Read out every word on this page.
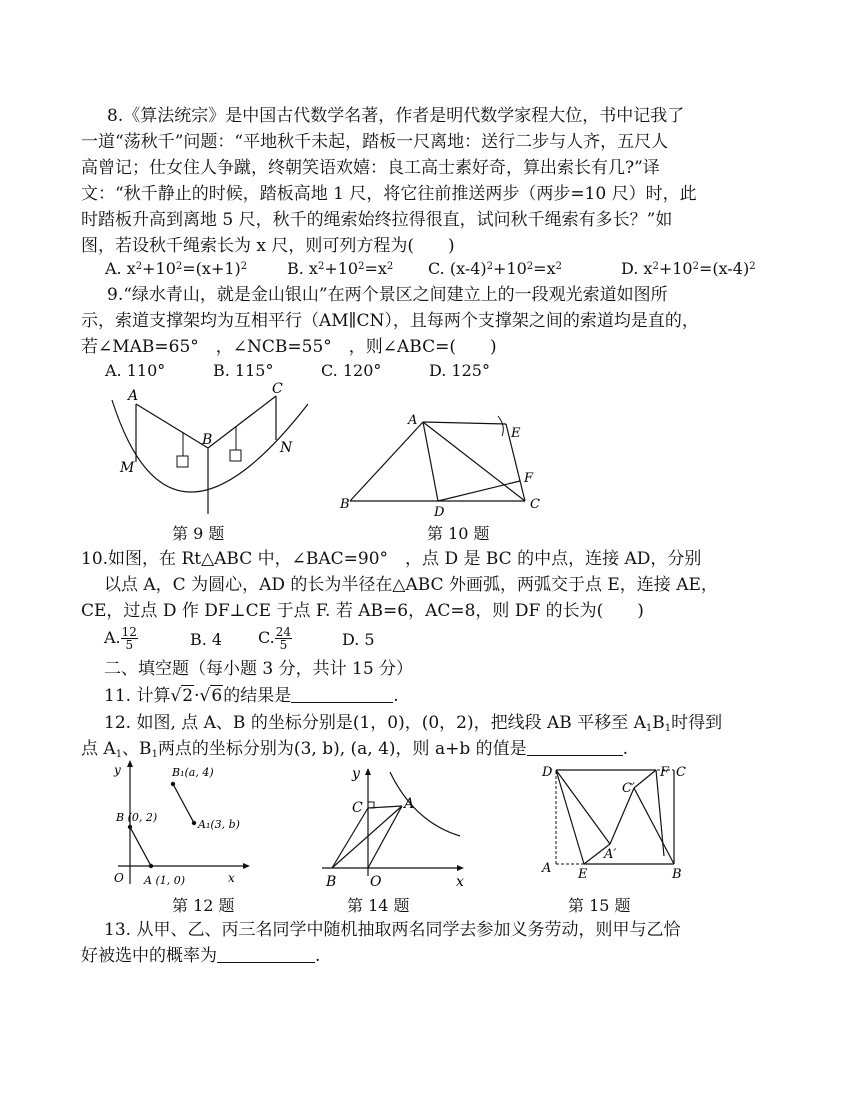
8.《算法统宗》是中国古代数学名著，作者是明代数学家程大位，书中记我了
一道“荡秋千”问题：“平地秋千未起，踏板一尺离地：送行二步与人齐，五尺人
高曾记；仕女住人争蹴，终朝笑语欢嬉：良工高士素好奇，算出索长有几?”译
文：“秋千静止的时候，踏板高地 1 尺，将它往前推送两步（两步=10 尺）时，此
时踏板升高到离地 5 尺，秋千的绳索始终拉得很直，试问秋千绳索有多长？”如
图，若设秋千绳索长为 x 尺，则可列方程为(　　)
A. $x^2+10^2=(x+1)^2$ B. $x^2+10^2=x^2$ C. $(x-4)^2+10^2=x^2$	D. $x^2+10^2=(x-4)^2$
9.“绿水青山，就是金山银山”在两个景区之间建立上的一段观光索道如图所
示，索道支撑架均为互相平行（AM∥CN），且每两个支撑架之间的索道均是直的，
若∠MAB=65°　，∠NCB=55°　，则∠ABC=(　　)
A. 110°	B. 115°	C. 120°	D. 125°
A
B
C
M
N
A
B	C
D
E
F
第 9 题	第 10 题
10.如图，在 Rt△ABC 中，∠BAC=90°　，点 D 是 BC 的中点，连接 AD，分别
以点 A，C 为圆心，AD 的长为半径在△ABC 外画弧，两弧交于点 E，连接 AE，
CE，过点 D 作 DF⊥CE 于点 F. 若 AB=6，AC=8，则 DF 的长为(　　)
A. $\frac{12}{5}$	B. 4 C. $\frac{24}{5}$	D. 5
二、填空题（每小题 3 分，共计 15 分）
11. 计算√2·√6的结果是	.
12. 如图, 点 A、B 的坐标分别是(1，0)，(0，2)，把线段 AB 平移至 $A_1B_1$时得到
点 $A_1$、$B_1$两点的坐标分别为(3, b), (a, 4)，则 a+b 的值是	.
y
x
O
B (0, 2)
A (1, 0)
B₁(a, 4)
A₁(3, b)
y
x
O
B
C	A
D	F C
A E	B
C′
A′
第 12 题	第 14 题	第 15 题
13. 从甲、乙、丙三名同学中随机抽取两名同学去参加义务劳动，则甲与乙恰
好被选中的概率为	.
